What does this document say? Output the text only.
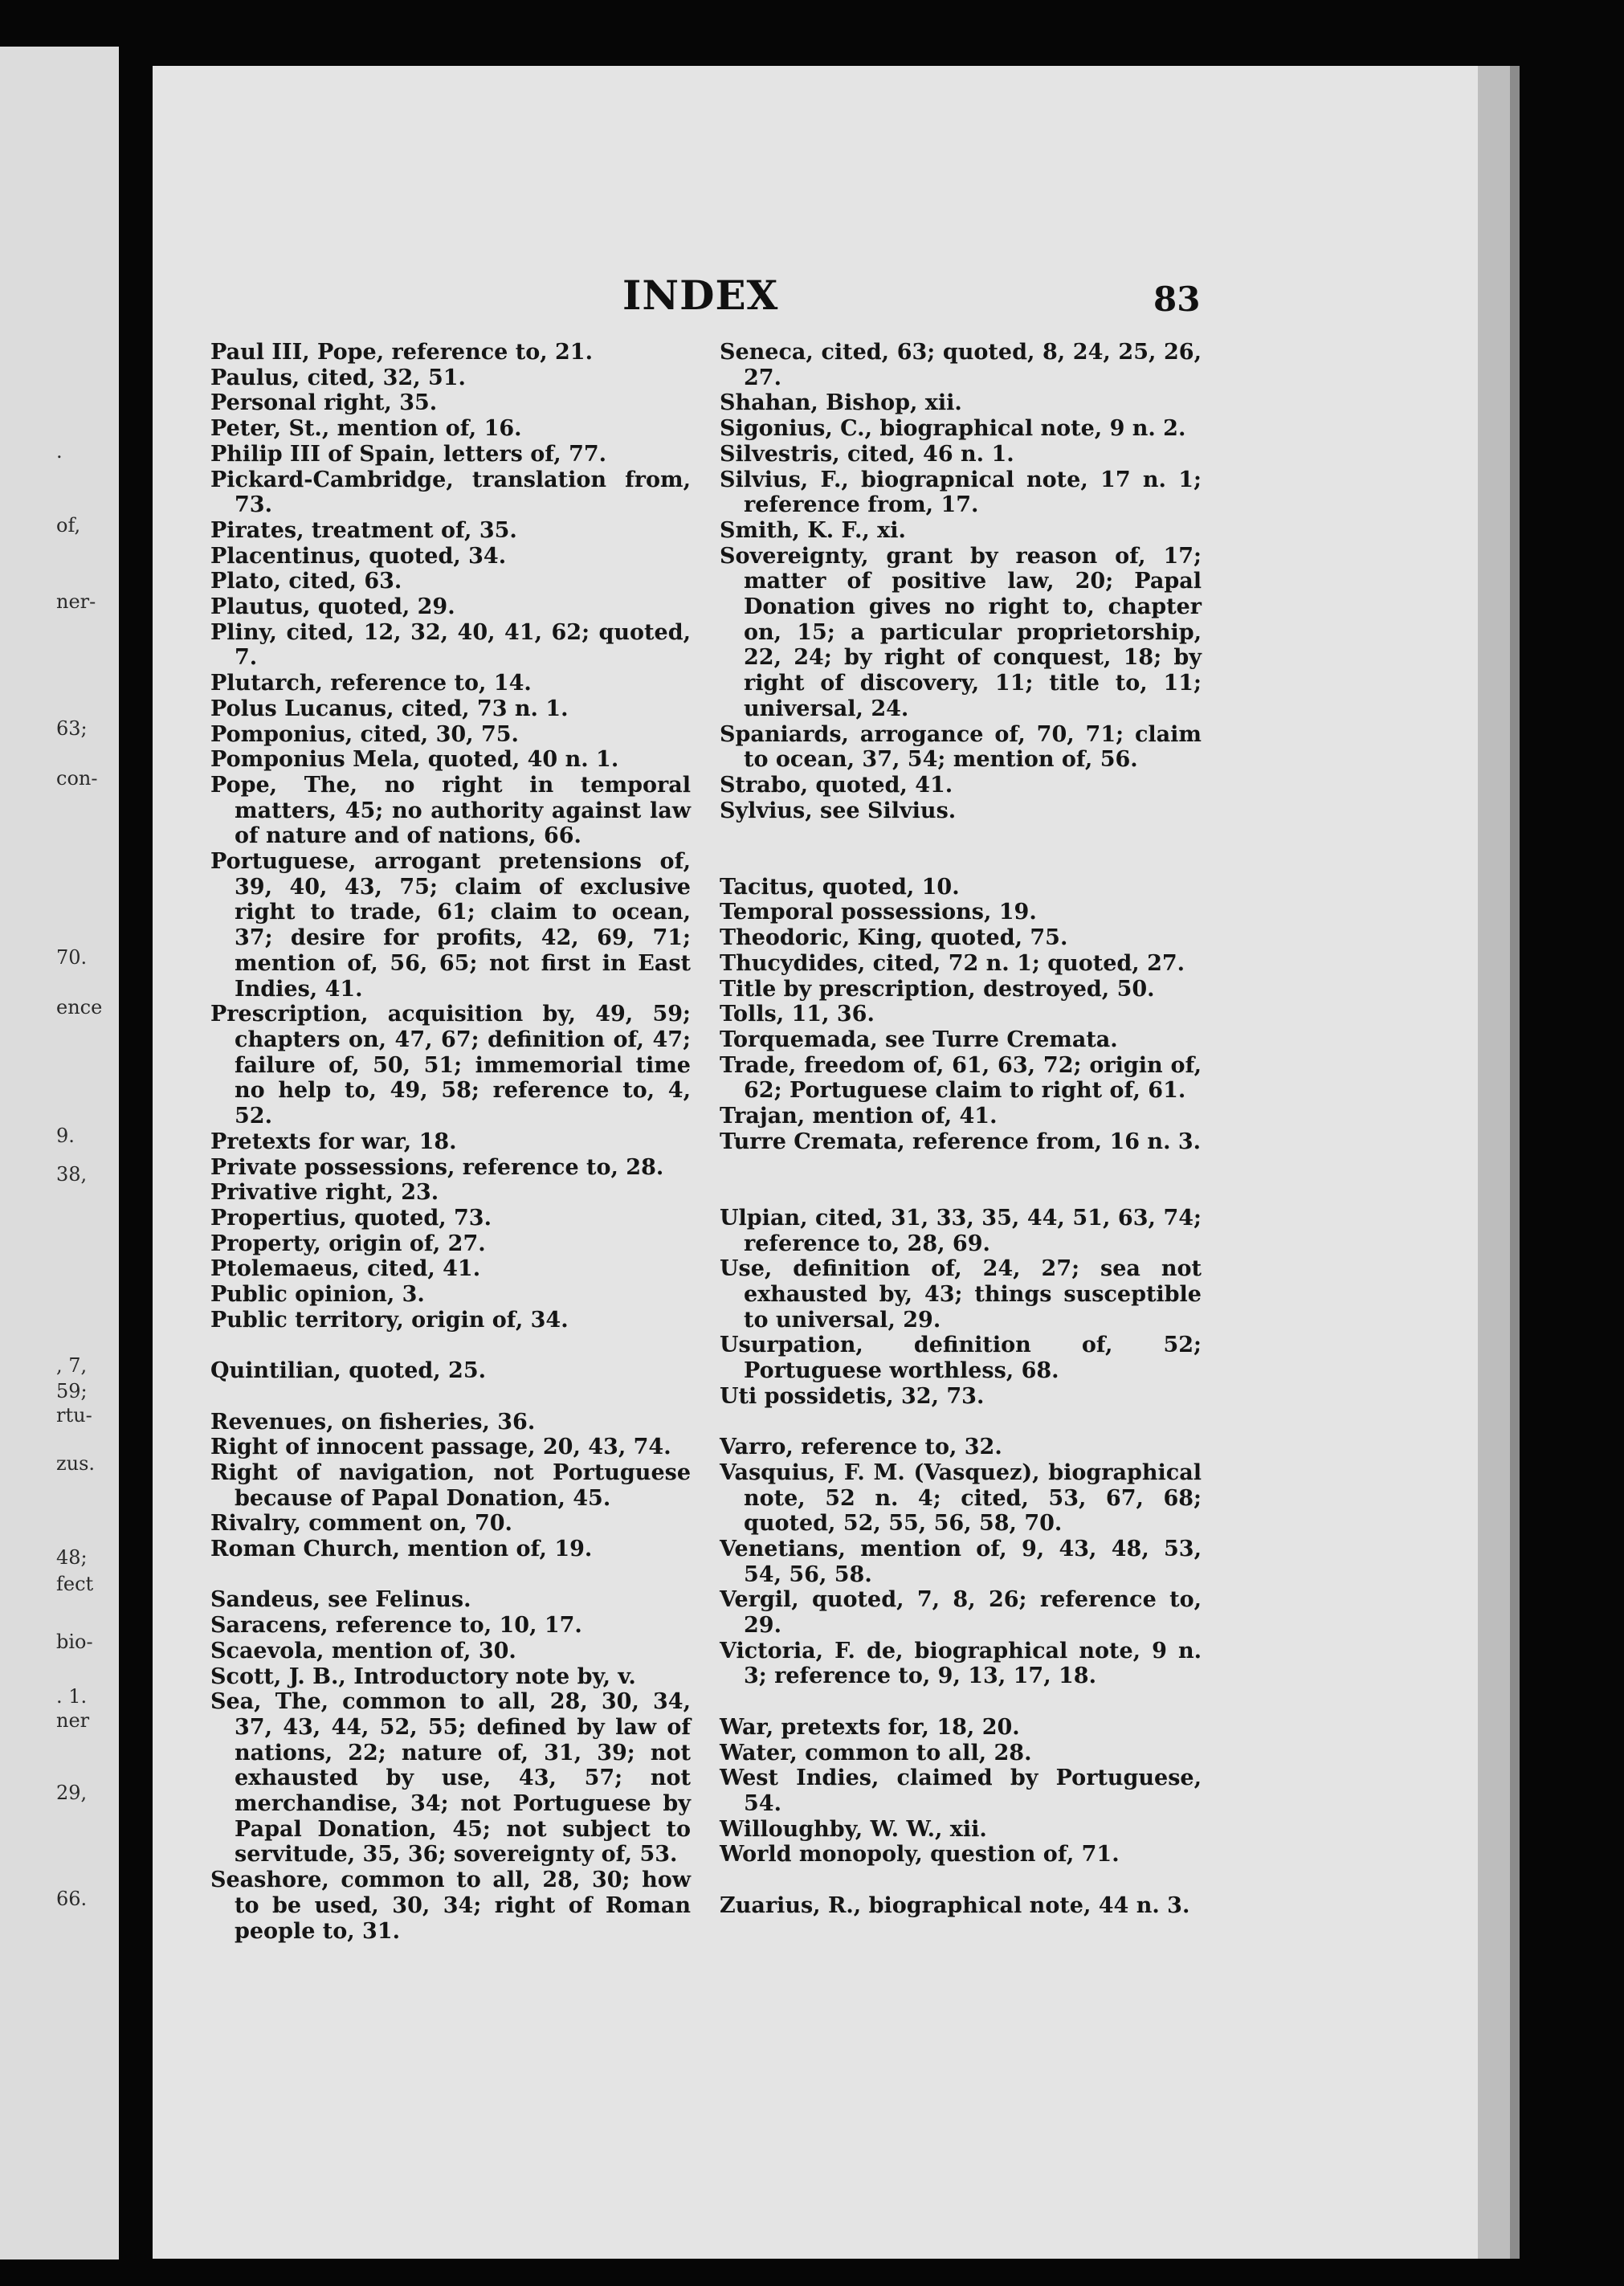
.
of,
ner-
63;
con-
70.
ence
9.
38,
, 7,
59;
rtu-
zus.
48;
fect
bio-
. 1.
ner
29,
66.
INDEX	83
Paul III, Pope, reference to, 21.
Paulus, cited, 32, 51.
Personal right, 35.
Peter, St., mention of, 16.
Philip III of Spain, letters of, 77.
Pickard-Cambridge, translation from, 73.
Pirates, treatment of, 35.
Placentinus, quoted, 34.
Plato, cited, 63.
Plautus, quoted, 29.
Pliny, cited, 12, 32, 40, 41, 62; quoted, 7.
Plutarch, reference to, 14.
Polus Lucanus, cited, 73 n. 1.
Pomponius, cited, 30, 75.
Pomponius Mela, quoted, 40 n. 1.
Pope, The, no right in temporal matters, 45; no authority against law of nature and of nations, 66.
Portuguese, arrogant pretensions of, 39, 40, 43, 75; claim of exclusive right to trade, 61; claim to ocean, 37; desire for profits, 42, 69, 71; mention of, 56, 65; not first in East Indies, 41.
Prescription, acquisition by, 49, 59; chapters on, 47, 67; definition of, 47; failure of, 50, 51; immemorial time no help to, 49, 58; reference to, 4, 52.
Pretexts for war, 18.
Private possessions, reference to, 28.
Privative right, 23.
Propertius, quoted, 73.
Property, origin of, 27.
Ptolemaeus, cited, 41.
Public opinion, 3.
Public territory, origin of, 34.
Quintilian, quoted, 25.
Revenues, on fisheries, 36.
Right of innocent passage, 20, 43, 74.
Right of navigation, not Portuguese because of Papal Donation, 45.
Rivalry, comment on, 70.
Roman Church, mention of, 19.
Sandeus, see Felinus.
Saracens, reference to, 10, 17.
Scaevola, mention of, 30.
Scott, J. B., Introductory note by, v.
Sea, The, common to all, 28, 30, 34, 37, 43, 44, 52, 55; defined by law of nations, 22; nature of, 31, 39; not exhausted by use, 43, 57; not merchandise, 34; not Portuguese by Papal Donation, 45; not subject to servitude, 35, 36; sovereignty of, 53.
Seashore, common to all, 28, 30; how to be used, 30, 34; right of Roman people to, 31.
Seneca, cited, 63; quoted, 8, 24, 25, 26, 27.
Shahan, Bishop, xii.
Sigonius, C., biographical note, 9 n. 2.
Silvestris, cited, 46 n. 1.
Silvius, F., biograpnical note, 17 n. 1; reference from, 17.
Smith, K. F., xi.
Sovereignty, grant by reason of, 17; matter of positive law, 20; Papal Donation gives no right to, chapter on, 15; a particular proprietorship, 22, 24; by right of conquest, 18; by right of discovery, 11; title to, 11; universal, 24.
Spaniards, arrogance of, 70, 71; claim to ocean, 37, 54; mention of, 56.
Strabo, quoted, 41.
Sylvius, see Silvius.
Tacitus, quoted, 10.
Temporal possessions, 19.
Theodoric, King, quoted, 75.
Thucydides, cited, 72 n. 1; quoted, 27.
Title by prescription, destroyed, 50.
Tolls, 11, 36.
Torquemada, see Turre Cremata.
Trade, freedom of, 61, 63, 72; origin of, 62; Portuguese claim to right of, 61.
Trajan, mention of, 41.
Turre Cremata, reference from, 16 n. 3.
Ulpian, cited, 31, 33, 35, 44, 51, 63, 74; reference to, 28, 69.
Use, definition of, 24, 27; sea not exhausted by, 43; things susceptible to universal, 29.
Usurpation, definition of, 52; Portuguese worthless, 68.
Uti possidetis, 32, 73.
Varro, reference to, 32.
Vasquius, F. M. (Vasquez), biographical note, 52 n. 4; cited, 53, 67, 68; quoted, 52, 55, 56, 58, 70.
Venetians, mention of, 9, 43, 48, 53, 54, 56, 58.
Vergil, quoted, 7, 8, 26; reference to, 29.
Victoria, F. de, biographical note, 9 n. 3; reference to, 9, 13, 17, 18.
War, pretexts for, 18, 20.
Water, common to all, 28.
West Indies, claimed by Portuguese, 54.
Willoughby, W. W., xii.
World monopoly, question of, 71.
Zuarius, R., biographical note, 44 n. 3.
